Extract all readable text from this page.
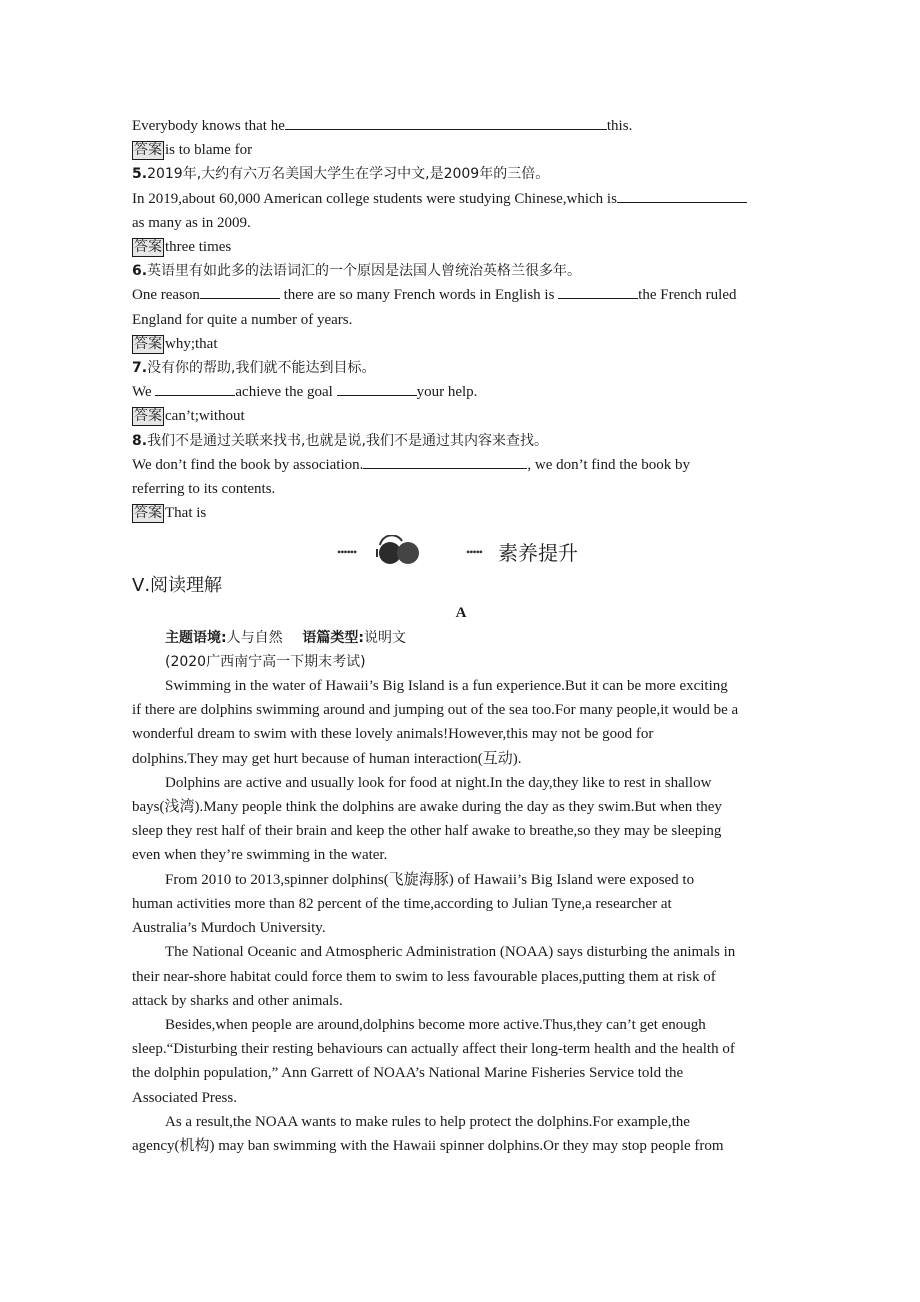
Everybody knows that he	this.
答案 is to blame for
5.2019年,大约有六万名美国大学生在学习中文,是2009年的三倍。
In 2019,about 60,000 American college students were studying Chinese,which is
as many as in 2009.
答案 three times
6.英语里有如此多的法语词汇的一个原因是法国人曾统治英格兰很多年。
One reason	there are so many French words in English is	the French ruled
England for quite a number of years.
答案 why;that
7.没有你的帮助,我们就不能达到目标。
We	achieve the goal	your help.
答案 can’t;without
8.我们不是通过关联来找书,也就是说,我们不是通过其内容来查找。
We don’t find the book by association.	, we don’t find the book by
referring to its contents.
答案 That is
••••••	••••• 素养提升
Ⅴ.阅读理解
A
主题语境:人与自然 语篇类型:说明文
(2020广西南宁高一下期末考试)
Swimming in the water of Hawaii’s Big Island is a fun experience.But it can be more exciting
if there are dolphins swimming around and jumping out of the sea too.For many people,it would be a
wonderful dream to swim with these lovely animals!However,this may not be good for
dolphins.They may get hurt because of human interaction(互动).
Dolphins are active and usually look for food at night.In the day,they like to rest in shallow
bays(浅湾).Many people think the dolphins are awake during the day as they swim.But when they
sleep they rest half of their brain and keep the other half awake to breathe,so they may be sleeping
even when they’re swimming in the water.
From 2010 to 2013,spinner dolphins(飞旋海豚) of Hawaii’s Big Island were exposed to
human activities more than 82 percent of the time,according to Julian Tyne,a researcher at
Australia’s Murdoch University.
The National Oceanic and Atmospheric Administration (NOAA) says disturbing the animals in
their near-shore habitat could force them to swim to less favourable places,putting them at risk of
attack by sharks and other animals.
Besides,when people are around,dolphins become more active.Thus,they can’t get enough
sleep.“Disturbing their resting behaviours can actually affect their long-term health and the health of
the dolphin population,” Ann Garrett of NOAA’s National Marine Fisheries Service told the
Associated Press.
As a result,the NOAA wants to make rules to help protect the dolphins.For example,the
agency(机构) may ban swimming with the Hawaii spinner dolphins.Or they may stop people from
